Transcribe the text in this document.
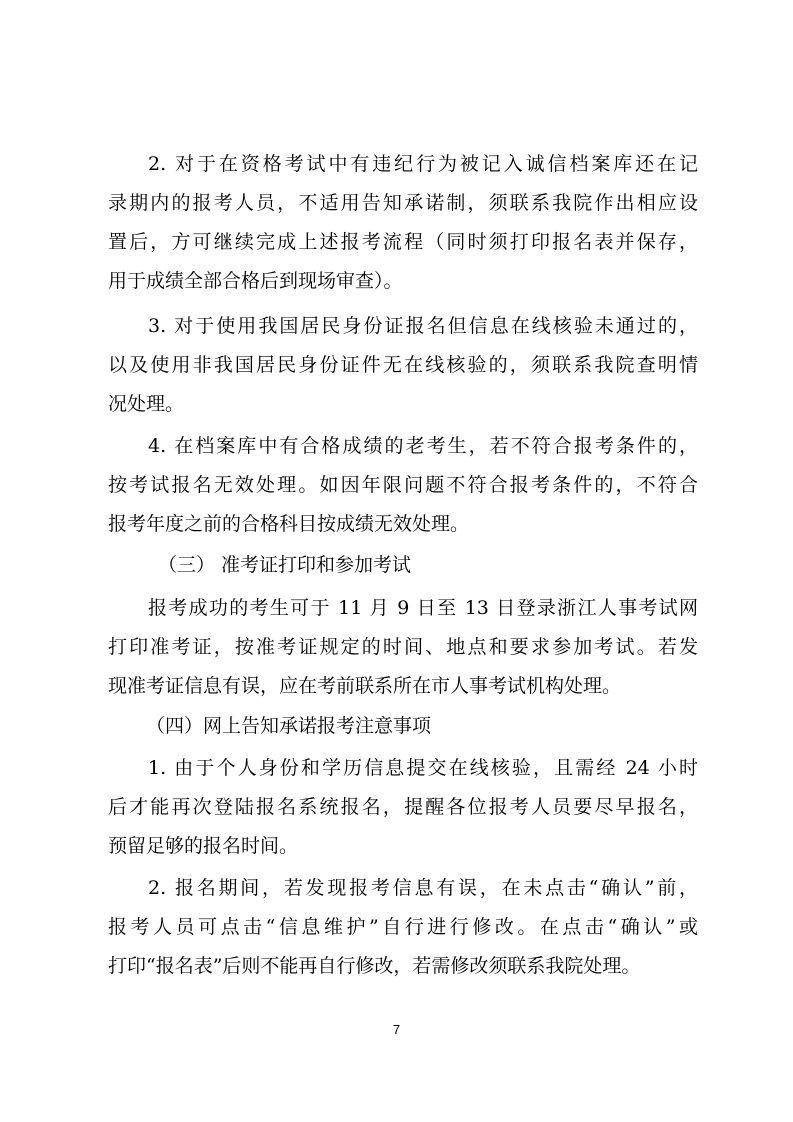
2. 对于在资格考试中有违纪行为被记入诚信档案库还在记
录期内的报考人员，不适用告知承诺制，须联系我院作出相应设
置后，方可继续完成上述报考流程（同时须打印报名表并保存，
用于成绩全部合格后到现场审查）。
3. 对于使用我国居民身份证报名但信息在线核验未通过的，
以及使用非我国居民身份证件无在线核验的，须联系我院查明情
况处理。
4. 在档案库中有合格成绩的老考生，若不符合报考条件的，
按考试报名无效处理。如因年限问题不符合报考条件的，不符合
报考年度之前的合格科目按成绩无效处理。
（三） 准考证打印和参加考试
报考成功的考生可于 11 月 9 日至 13 日登录浙江人事考试网
打印准考证，按准考证规定的时间、地点和要求参加考试。若发
现准考证信息有误，应在考前联系所在市人事考试机构处理。
（四）网上告知承诺报考注意事项
1. 由于个人身份和学历信息提交在线核验，且需经 24 小时
后才能再次登陆报名系统报名，提醒各位报考人员要尽早报名，
预留足够的报名时间。
2. 报名期间，若发现报考信息有误，在未点击“确认”前，
报考人员可点击“信息维护”自行进行修改。在点击“确认”或
打印“报名表”后则不能再自行修改，若需修改须联系我院处理。
7
